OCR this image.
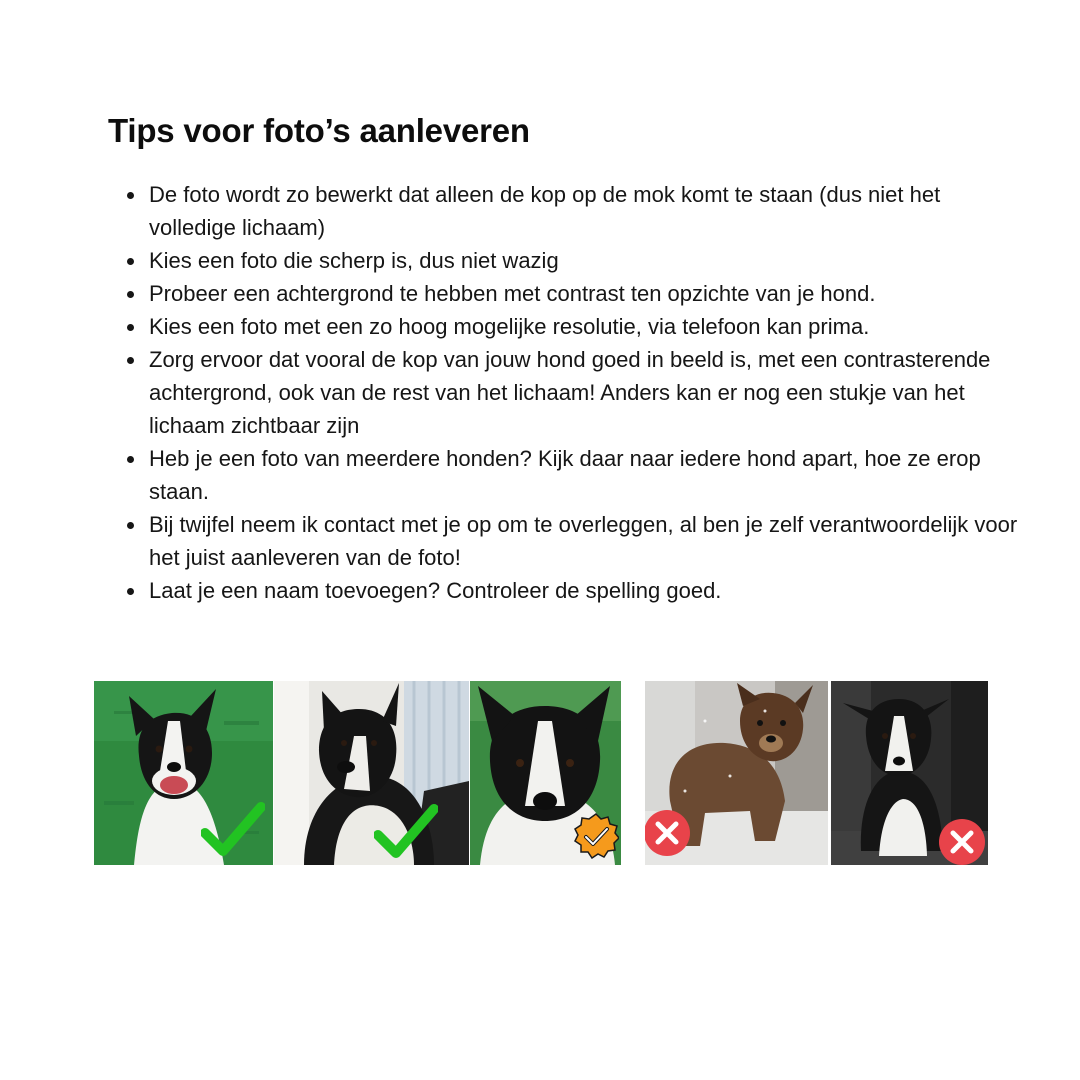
Tips voor foto’s aanleveren
De foto wordt zo bewerkt dat alleen de kop op de mok komt te staan (dus niet het volledige lichaam)
Kies een foto die scherp is, dus niet wazig
Probeer een achtergrond te hebben met contrast ten opzichte van je hond.
Kies een foto met een zo hoog mogelijke resolutie, via telefoon kan prima.
Zorg ervoor dat vooral de kop van jouw hond goed in beeld is, met een contrasterende achtergrond, ook van de rest van het lichaam! Anders kan er nog een stukje van het lichaam zichtbaar zijn
Heb je een foto van meerdere honden? Kijk daar naar iedere hond apart, hoe ze erop staan.
Bij twijfel neem ik contact met je op om te overleggen, al ben je zelf verantwoordelijk voor het juist aanleveren van de foto!
Laat je een naam toevoegen? Controleer de spelling goed.
